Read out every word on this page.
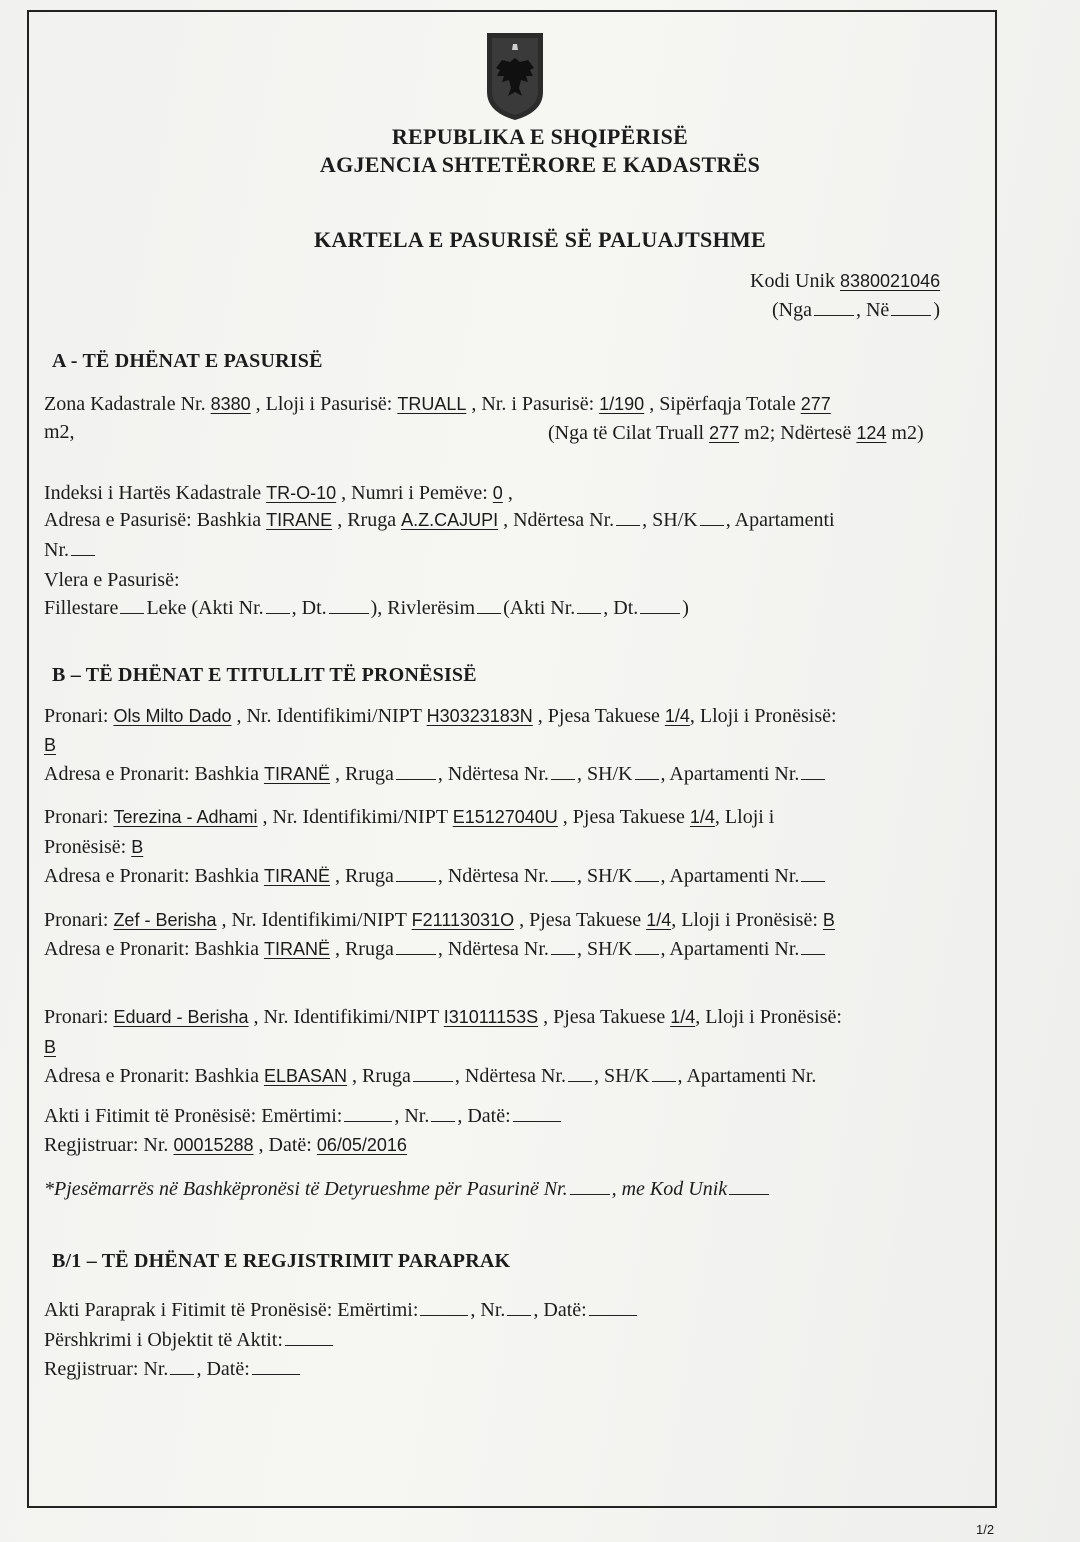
REPUBLIKA E SHQIPËRISË
AGJENCIA SHTETËRORE E KADASTRËS
KARTELA E PASURISË SË PALUAJTSHME
Kodi Unik 8380021046
(Nga , Në )
A - TË DHËNAT E PASURISË
Zona Kadastrale Nr. 8380 , Lloji i Pasurisë: TRUALL , Nr. i Pasurisë: 1/190 , Sipërfaqja Totale 277
m2,	(Nga të Cilat Truall 277 m2; Ndërtesë 124 m2)
Indeksi i Hartës Kadastrale TR-O-10 , Numri i Pemëve: 0 ,
Adresa e Pasurisë: Bashkia TIRANE , Rruga A.Z.CAJUPI , Ndërtesa Nr. , SH/K , Apartamenti
Nr.
Vlera e Pasurisë:
Fillestare Leke (Akti Nr. , Dt. ), Rivlerësim (Akti Nr. , Dt. )
B – TË DHËNAT E TITULLIT TË PRONËSISË
Pronari: Ols Milto Dado , Nr. Identifikimi/NIPT H30323183N , Pjesa Takuese 1/4, Lloji i Pronësisë:
B
Adresa e Pronarit: Bashkia TIRANË , Rruga , Ndërtesa Nr. , SH/K , Apartamenti Nr.
Pronari: Terezina - Adhami , Nr. Identifikimi/NIPT E15127040U , Pjesa Takuese 1/4, Lloji i
Pronësisë: B
Adresa e Pronarit: Bashkia TIRANË , Rruga , Ndërtesa Nr. , SH/K , Apartamenti Nr.
Pronari: Zef - Berisha , Nr. Identifikimi/NIPT F21113031O , Pjesa Takuese 1/4, Lloji i Pronësisë: B
Adresa e Pronarit: Bashkia TIRANË , Rruga , Ndërtesa Nr. , SH/K , Apartamenti Nr.
Pronari: Eduard - Berisha , Nr. Identifikimi/NIPT I31011153S , Pjesa Takuese 1/4, Lloji i Pronësisë:
B
Adresa e Pronarit: Bashkia ELBASAN , Rruga , Ndërtesa Nr. , SH/K , Apartamenti Nr.
Akti i Fitimit të Pronësisë: Emërtimi:	, Nr. , Datë:
Regjistruar: Nr. 00015288 , Datë: 06/05/2016
*Pjesëmarrës në Bashkëpronësi të Detyrueshme për Pasurinë Nr. , me Kod Unik
B/1 – TË DHËNAT E REGJISTRIMIT PARAPRAK
Akti Paraprak i Fitimit të Pronësisë: Emërtimi:	, Nr. , Datë:
Përshkrimi i Objektit të Aktit:
Regjistruar: Nr. , Datë:
1/2
